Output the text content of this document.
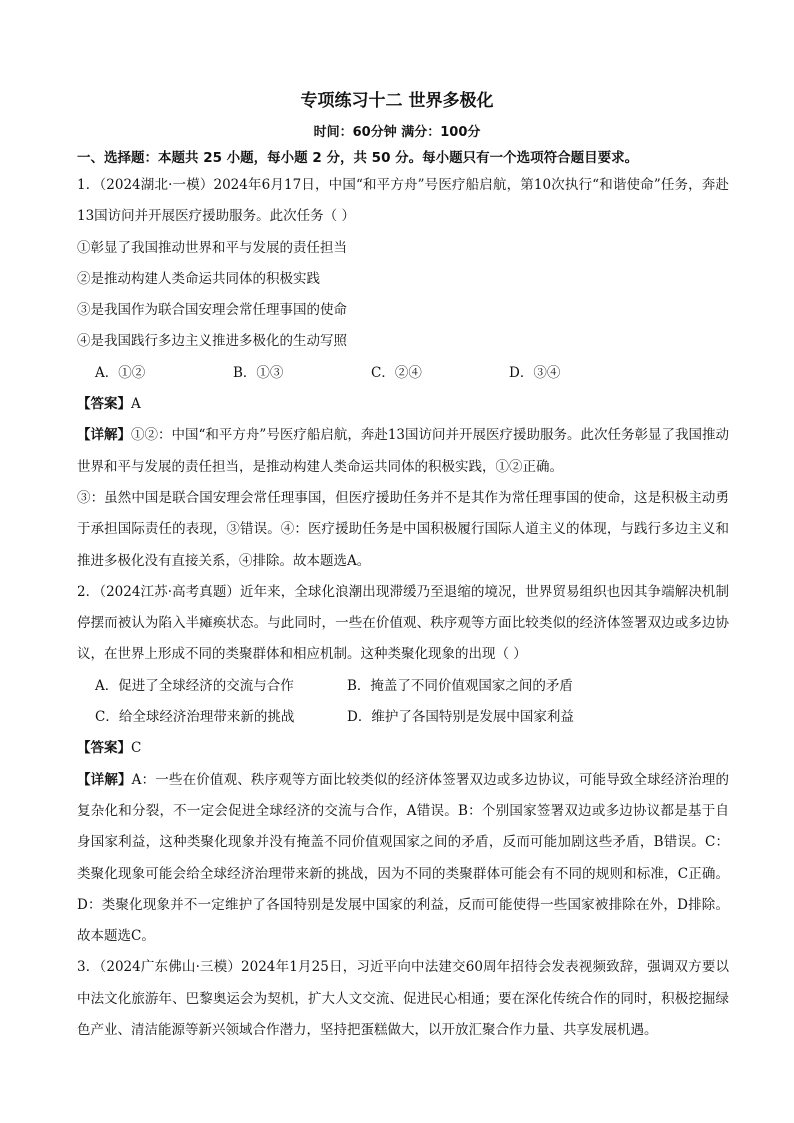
专项练习十二 世界多极化
时间：60分钟 满分：100分
一、选择题：本题共 25 小题，每小题 2 分，共 50 分。每小题只有一个选项符合题目要求。

1．（2024湖北·一模）2024年6月17日，中国“和平方舟”号医疗船启航，第10次执行“和谐使命”任务，奔赴13国访问并开展医疗援助服务。此次任务（ ）

①彰显了我国推动世界和平与发展的责任担当

②是推动构建人类命运共同体的积极实践

③是我国作为联合国安理会常任理事国的使命

④是我国践行多边主义推进多极化的生动写照

A．①②	B．①③	C．②④	D．③④

【答案】A

【详解】①②：中国“和平方舟”号医疗船启航，奔赴13国访问并开展医疗援助服务。此次任务彰显了我国推动世界和平与发展的责任担当，是推动构建人类命运共同体的积极实践，①②正确。

③：虽然中国是联合国安理会常任理事国，但医疗援助任务并不是其作为常任理事国的使命，这是积极主动勇于承担国际责任的表现，③错误。④：医疗援助任务是中国积极履行国际人道主义的体现，与践行多边主义和推进多极化没有直接关系，④排除。故本题选A。

2．（2024江苏·高考真题）近年来，全球化浪潮出现滞缓乃至退缩的境况，世界贸易组织也因其争端解决机制停摆而被认为陷入半瘫痪状态。与此同时，一些在价值观、秩序观等方面比较类似的经济体签署双边或多边协议，在世界上形成不同的类聚群体和相应机制。这种类聚化现象的出现（ ）

A．促进了全球经济的交流与合作	B．掩盖了不同价值观国家之间的矛盾
C．给全球经济治理带来新的挑战	D．维护了各国特别是发展中国家利益

【答案】C

【详解】A：一些在价值观、秩序观等方面比较类似的经济体签署双边或多边协议，可能导致全球经济治理的复杂化和分裂，不一定会促进全球经济的交流与合作，A错误。B：个别国家签署双边或多边协议都是基于自身国家利益，这种类聚化现象并没有掩盖不同价值观国家之间的矛盾，反而可能加剧这些矛盾，B错误。C：类聚化现象可能会给全球经济治理带来新的挑战，因为不同的类聚群体可能会有不同的规则和标准，C正确。D：类聚化现象并不一定维护了各国特别是发展中国家的利益，反而可能使得一些国家被排除在外，D排除。故本题选C。

3．（2024广东佛山·三模）2024年1月25日，习近平向中法建交60周年招待会发表视频致辞，强调双方要以中法文化旅游年、巴黎奥运会为契机，扩大人文交流、促进民心相通；要在深化传统合作的同时，积极挖掘绿色产业、清洁能源等新兴领域合作潜力，坚持把蛋糕做大，以开放汇聚合作力量、共享发展机遇。
